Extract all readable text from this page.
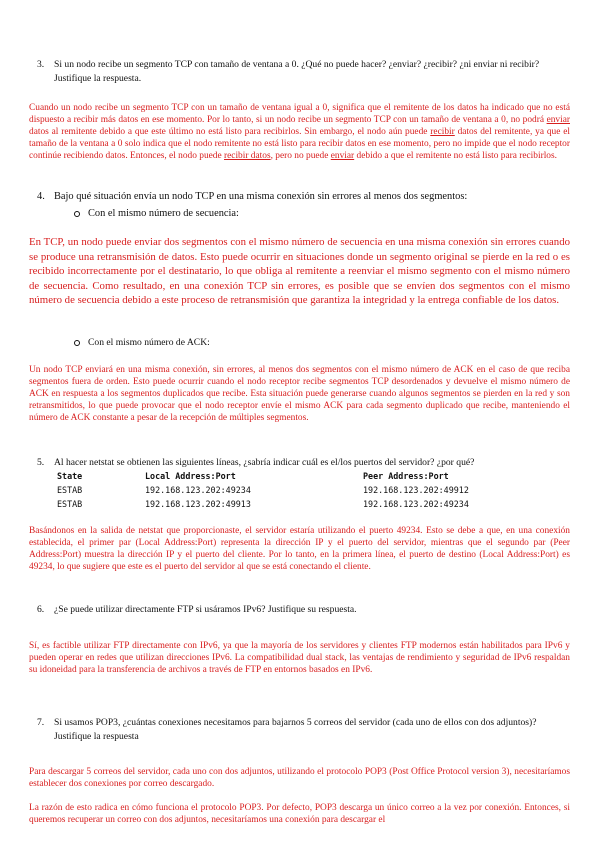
3. Si un nodo recibe un segmento TCP con tamaño de ventana a 0. ¿Qué no puede hacer? ¿enviar? ¿recibir? ¿ni enviar ni recibir? Justifique la respuesta.
Cuando un nodo recibe un segmento TCP con un tamaño de ventana igual a 0, significa que el remitente de los datos ha indicado que no está dispuesto a recibir más datos en ese momento. Por lo tanto, si un nodo recibe un segmento TCP con un tamaño de ventana a 0, no podrá enviar datos al remitente debido a que este último no está listo para recibirlos. Sin embargo, el nodo aún puede recibir datos del remitente, ya que el tamaño de la ventana a 0 solo indica que el nodo remitente no está listo para recibir datos en ese momento, pero no impide que el nodo receptor continúe recibiendo datos. Entonces, el nodo puede recibir datos, pero no puede enviar debido a que el remitente no está listo para recibirlos.
4. Bajo qué situación envía un nodo TCP en una misma conexión sin errores al menos dos segmentos:
Con el mismo número de secuencia:
En TCP, un nodo puede enviar dos segmentos con el mismo número de secuencia en una misma conexión sin errores cuando se produce una retransmisión de datos. Esto puede ocurrir en situaciones donde un segmento original se pierde en la red o es recibido incorrectamente por el destinatario, lo que obliga al remitente a reenviar el mismo segmento con el mismo número de secuencia. Como resultado, en una conexión TCP sin errores, es posible que se envíen dos segmentos con el mismo número de secuencia debido a este proceso de retransmisión que garantiza la integridad y la entrega confiable de los datos.
Con el mismo número de ACK:
Un nodo TCP enviará en una misma conexión, sin errores, al menos dos segmentos con el mismo número de ACK en el caso de que reciba segmentos fuera de orden. Esto puede ocurrir cuando el nodo receptor recibe segmentos TCP desordenados y devuelve el mismo número de ACK en respuesta a los segmentos duplicados que recibe. Esta situación puede generarse cuando algunos segmentos se pierden en la red y son retransmitidos, lo que puede provocar que el nodo receptor envíe el mismo ACK para cada segmento duplicado que recibe, manteniendo el número de ACK constante a pesar de la recepción de múltiples segmentos.
5. Al hacer netstat se obtienen las siguientes líneas, ¿sabría indicar cuál es el/los puertos del servidor? ¿por qué?
State	Local Address:Port	Peer Address:Port
ESTAB	192.168.123.202:49234	192.168.123.202:49912
ESTAB	192.168.123.202:49913	192.168.123.202:49234
Basándonos en la salida de netstat que proporcionaste, el servidor estaría utilizando el puerto 49234. Esto se debe a que, en una conexión establecida, el primer par (Local Address:Port) representa la dirección IP y el puerto del servidor, mientras que el segundo par (Peer Address:Port) muestra la dirección IP y el puerto del cliente. Por lo tanto, en la primera línea, el puerto de destino (Local Address:Port) es 49234, lo que sugiere que este es el puerto del servidor al que se está conectando el cliente.
6. ¿Se puede utilizar directamente FTP si usáramos IPv6? Justifique su respuesta.
Sí, es factible utilizar FTP directamente con IPv6, ya que la mayoría de los servidores y clientes FTP modernos están habilitados para IPv6 y pueden operar en redes que utilizan direcciones IPv6. La compatibilidad dual stack, las ventajas de rendimiento y seguridad de IPv6 respaldan su idoneidad para la transferencia de archivos a través de FTP en entornos basados en IPv6.
7. Si usamos POP3, ¿cuántas conexiones necesitamos para bajarnos 5 correos del servidor (cada uno de ellos con dos adjuntos)? Justifique la respuesta
Para descargar 5 correos del servidor, cada uno con dos adjuntos, utilizando el protocolo POP3 (Post Office Protocol version 3), necesitaríamos establecer dos conexiones por correo descargado.
La razón de esto radica en cómo funciona el protocolo POP3. Por defecto, POP3 descarga un único correo a la vez por conexión. Entonces, si queremos recuperar un correo con dos adjuntos, necesitaríamos una conexión para descargar el
